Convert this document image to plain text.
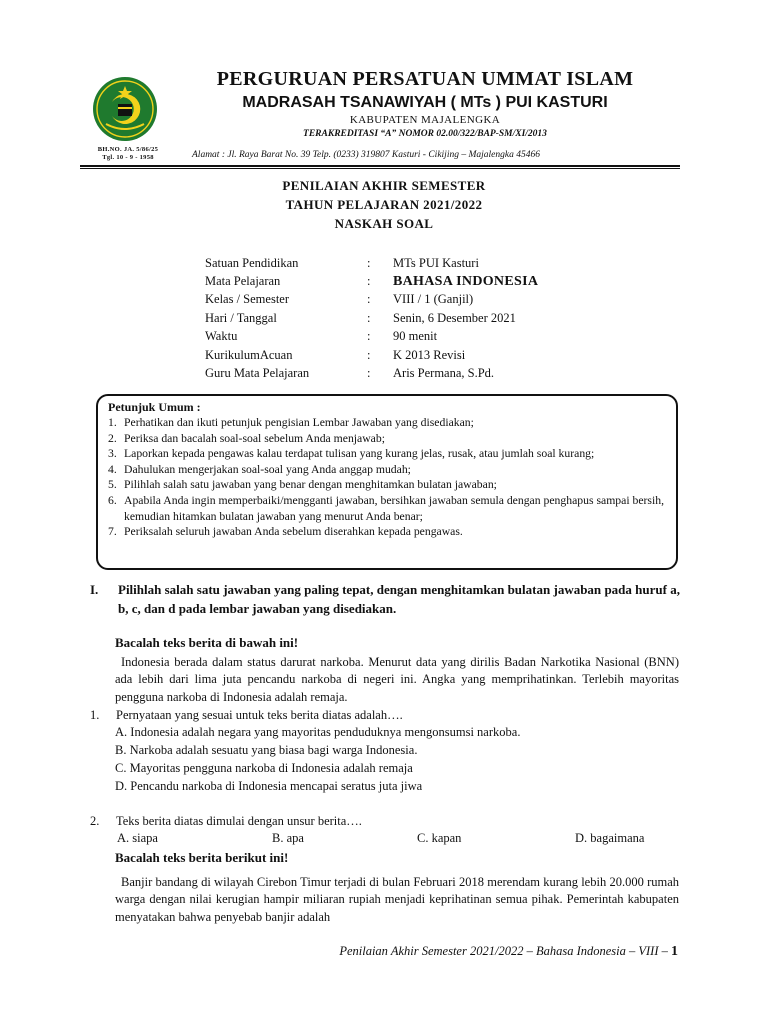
BH.NO. JA. 5/86/25
Tgl. 10 - 9 - 1958
PERGURUAN PERSATUAN UMMAT ISLAM
MADRASAH TSANAWIYAH ( MTs ) PUI KASTURI
KABUPATEN MAJALENGKA
TERAKREDITASI “A” NOMOR 02.00/322/BAP-SM/XI/2013
Alamat : Jl. Raya Barat No. 39 Telp. (0233) 319807 Kasturi - Cikijing – Majalengka 45466
PENILAIAN AKHIR SEMESTER
TAHUN PELAJARAN 2021/2022
NASKAH SOAL
Satuan Pendidikan	:	MTs PUI Kasturi
Mata Pelajaran	:	BAHASA INDONESIA
Kelas / Semester	:	VIII / 1 (Ganjil)
Hari / Tanggal	:	Senin, 6 Desember 2021
Waktu	:	90 menit
KurikulumAcuan	:	K 2013 Revisi
Guru Mata Pelajaran	:	Aris Permana, S.Pd.
Petunjuk Umum :
1. Perhatikan dan ikuti petunjuk pengisian Lembar Jawaban yang disediakan;
2. Periksa dan bacalah soal-soal sebelum Anda menjawab;
3. Laporkan kepada pengawas kalau terdapat tulisan yang kurang jelas, rusak, atau jumlah soal kurang;
4. Dahulukan mengerjakan soal-soal yang Anda anggap mudah;
5. Pilihlah salah satu jawaban yang benar dengan menghitamkan bulatan jawaban;
6. Apabila Anda ingin memperbaiki/mengganti jawaban, bersihkan jawaban semula dengan penghapus sampai bersih, kemudian hitamkan bulatan jawaban yang menurut Anda benar;
7. Periksalah seluruh jawaban Anda sebelum diserahkan kepada pengawas.
I.	Pilihlah salah satu jawaban yang paling tepat, dengan menghitamkan bulatan jawaban pada huruf a, b, c, dan d pada lembar jawaban yang disediakan.
Bacalah teks berita di bawah ini!
Indonesia berada dalam status darurat narkoba. Menurut data yang dirilis Badan Narkotika Nasional (BNN) ada lebih dari lima juta pencandu narkoba di negeri ini. Angka yang memprihatinkan. Terlebih mayoritas pengguna narkoba di Indonesia adalah remaja.
1.	Pernyataan yang sesuai untuk teks berita diatas adalah….
A. Indonesia adalah negara yang mayoritas penduduknya mengonsumsi narkoba.
B. Narkoba adalah sesuatu yang biasa bagi warga Indonesia.
C. Mayoritas pengguna narkoba di Indonesia adalah remaja
D. Pencandu narkoba di Indonesia mencapai seratus juta jiwa
2.	Teks berita diatas dimulai dengan unsur berita….
A. siapa	B. apa	C. kapan	D. bagaimana
Bacalah teks berita berikut ini!
Banjir bandang di wilayah Cirebon Timur terjadi di bulan Februari 2018 merendam kurang lebih 20.000 rumah warga dengan nilai kerugian hampir miliaran rupiah menjadi keprihatinan semua pihak. Pemerintah kabupaten menyatakan bahwa penyebab banjir adalah
Penilaian Akhir Semester 2021/2022 – Bahasa Indonesia – VIII – 1
